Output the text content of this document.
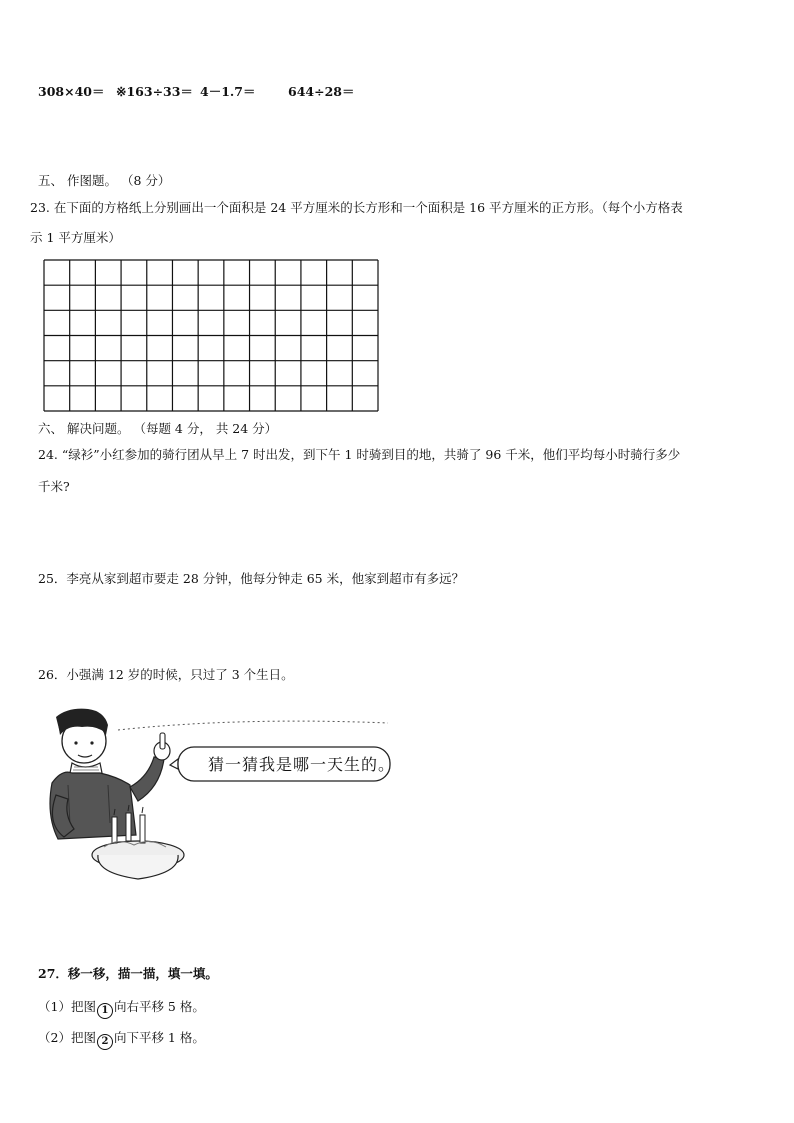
308×40＝ ※163÷33＝ 4－1.7＝	644÷28＝
五、 作图题。 （8 分）
23. 在下面的方格纸上分别画出一个面积是 24 平方厘米的长方形和一个面积是 16 平方厘米的正方形。（每个小方格表
示 1 平方厘米）
六、 解决问题。 （每题 4 分， 共 24 分）
24. “绿衫”小红参加的骑行团从早上 7 时出发，到下午 1 时骑到目的地，共骑了 96 千米，他们平均每小时骑行多少
千米?
25．李亮从家到超市要走 28 分钟，他每分钟走 65 米，他家到超市有多远？
26．小强满 12 岁的时候，只过了 3 个生日。
猜一猜我是哪一天生的。
27．移一移，描一描，填一填。
（1）把图 1 向右平移 5 格。
（2）把图 2 向下平移 1 格。
